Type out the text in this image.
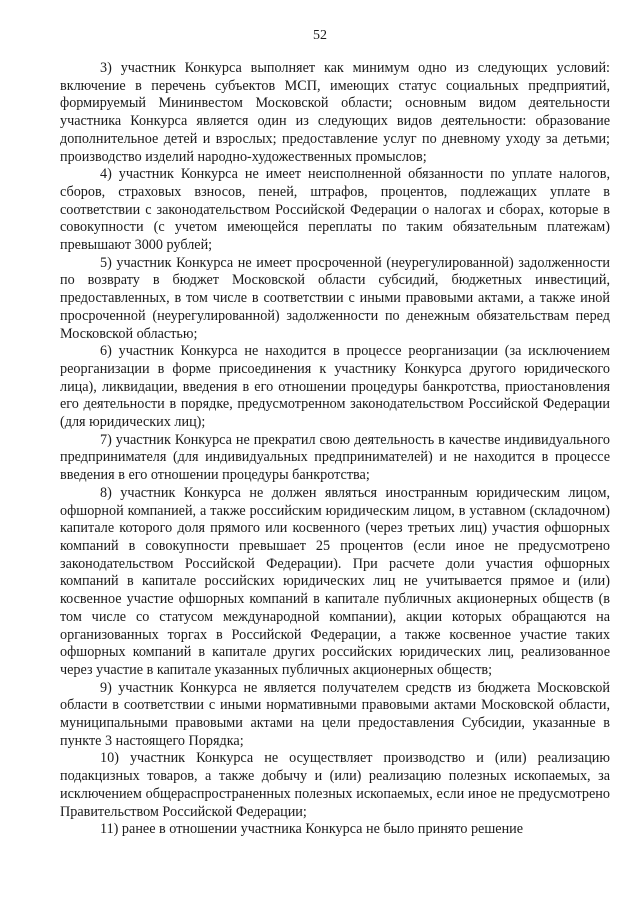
52

3) участник Конкурса выполняет как минимум одно из следующих условий: включение в перечень субъектов МСП, имеющих статус социальных предприятий, формируемый Мининвестом Московской области; основным видом деятельности участника Конкурса является один из следующих видов деятельности: образование дополнительное детей и взрослых; предоставление услуг по дневному уходу за детьми; производство изделий народно-художественных промыслов;

4) участник Конкурса не имеет неисполненной обязанности по уплате налогов, сборов, страховых взносов, пеней, штрафов, процентов, подлежащих уплате в соответствии с законодательством Российской Федерации о налогах и сборах, которые в совокупности (с учетом имеющейся переплаты по таким обязательным платежам) превышают 3000 рублей;

5) участник Конкурса не имеет просроченной (неурегулированной) задолженности по возврату в бюджет Московской области субсидий, бюджетных инвестиций, предоставленных, в том числе в соответствии с иными правовыми актами, а также иной просроченной (неурегулированной) задолженности по денежным обязательствам перед Московской областью;

6) участник Конкурса не находится в процессе реорганизации (за исключением реорганизации в форме присоединения к участнику Конкурса другого юридического лица), ликвидации, введения в его отношении процедуры банкротства, приостановления его деятельности в порядке, предусмотренном законодательством Российской Федерации (для юридических лиц);

7) участник Конкурса не прекратил свою деятельность в качестве индивидуального предпринимателя (для индивидуальных предпринимателей) и не находится в процессе введения в его отношении процедуры банкротства;

8) участник Конкурса не должен являться иностранным юридическим лицом, офшорной компанией, а также российским юридическим лицом, в уставном (складочном) капитале которого доля прямого или косвенного (через третьих лиц) участия офшорных компаний в совокупности превышает 25 процентов (если иное не предусмотрено законодательством Российской Федерации). При расчете доли участия офшорных компаний в капитале российских юридических лиц не учитывается прямое и (или) косвенное участие офшорных компаний в капитале публичных акционерных обществ (в том числе со статусом международной компании), акции которых обращаются на организованных торгах в Российской Федерации, а также косвенное участие таких офшорных компаний в капитале других российских юридических лиц, реализованное через участие в капитале указанных публичных акционерных обществ;

9) участник Конкурса не является получателем средств из бюджета Московской области в соответствии с иными нормативными правовыми актами Московской области, муниципальными правовыми актами на цели предоставления Субсидии, указанные в пункте 3 настоящего Порядка;

10) участник Конкурса не осуществляет производство и (или) реализацию подакцизных товаров, а также добычу и (или) реализацию полезных ископаемых, за исключением общераспространенных полезных ископаемых, если иное не предусмотрено Правительством Российской Федерации;

11) ранее в отношении участника Конкурса не было принято решение
